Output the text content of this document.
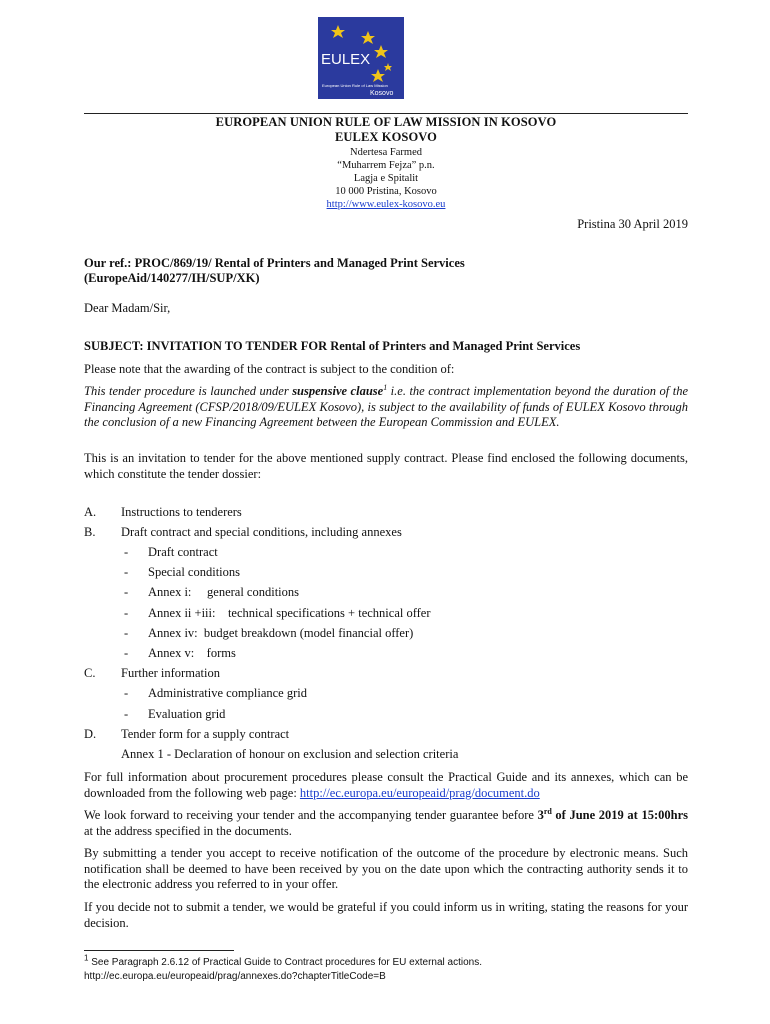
EULEX
European Union Rule of Law Mission
Kosovo
EUROPEAN UNION RULE OF LAW MISSION IN KOSOVO
EULEX KOSOVO
Ndertesa Farmed
“Muharrem Fejza” p.n.
Lagja e Spitalit
10 000 Pristina, Kosovo
http://www.eulex-kosovo.eu
Pristina 30 April 2019
Our ref.: PROC/869/19/ Rental of Printers and Managed Print Services
(EuropeAid/140277/IH/SUP/XK)
Dear Madam/Sir,
SUBJECT: INVITATION TO TENDER FOR Rental of Printers and Managed Print Services
Please note that the awarding of the contract is subject to the condition of:
This tender procedure is launched under suspensive clause$^1$ i.e. the contract implementation beyond the duration of the Financing Agreement (CFSP/2018/09/EULEX Kosovo), is subject to the availability of funds of EULEX Kosovo through the conclusion of a new Financing Agreement between the European Commission and EULEX.
This is an invitation to tender for the above mentioned supply contract. Please find enclosed the following documents, which constitute the tender dossier:
A. Instructions to tenderers
B. Draft contract and special conditions, including annexes
- Draft contract
- Special conditions
- Annex i:     general conditions
- Annex ii +iii:    technical specifications + technical offer
- Annex iv:  budget breakdown (model financial offer)
- Annex v:    forms
C. Further information
- Administrative compliance grid
- Evaluation grid
D. Tender form for a supply contract
Annex 1 - Declaration of honour on exclusion and selection criteria
For full information about procurement procedures please consult the Practical Guide and its annexes, which can be downloaded from the following web page: http://ec.europa.eu/europeaid/prag/document.do
We look forward to receiving your tender and the accompanying tender guarantee before 3rd of June 2019 at 15:00hrs at the address specified in the documents.
By submitting a tender you accept to receive notification of the outcome of the procedure by electronic means. Such notification shall be deemed to have been received by you on the date upon which the contracting authority sends it to the electronic address you referred to in your offer.
If you decide not to submit a tender, we would be grateful if you could inform us in writing, stating the reasons for your decision.
$^1$ See Paragraph 2.6.12 of Practical Guide to Contract procedures for EU external actions.
http://ec.europa.eu/europeaid/prag/annexes.do?chapterTitleCode=B
